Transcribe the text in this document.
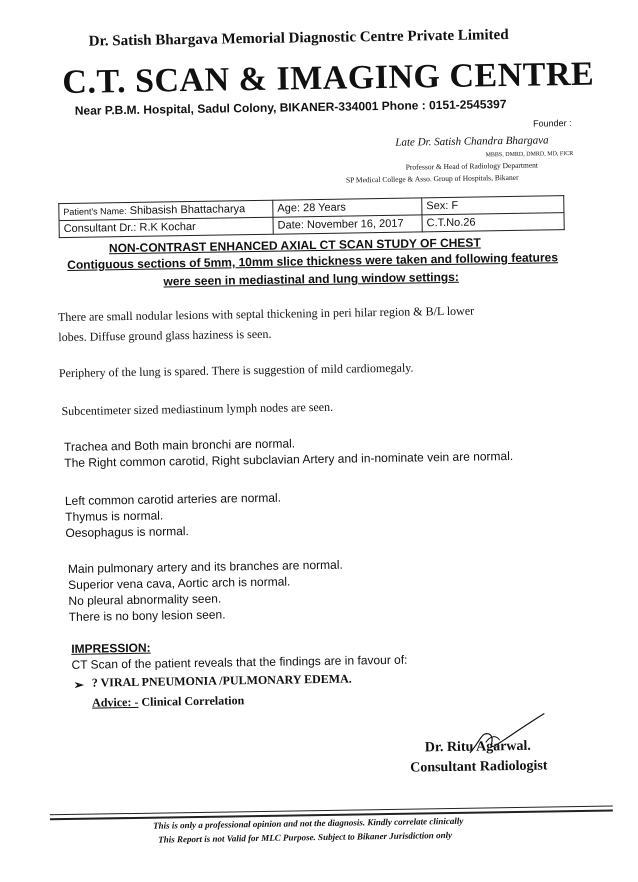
Dr. Satish Bhargava Memorial Diagnostic Centre Private Limited
C.T. SCAN & IMAGING CENTRE
Near P.B.M. Hospital, Sadul Colony, BIKANER-334001 Phone : 0151-2545397
Founder :
Late Dr. Satish Chandra Bhargava
MBBS, DMRD, DMRD, MD, FICR
Professor & Head of Radiology Department
SP Medical College & Asso. Group of Hospitals, Bikaner
Patient's Name: Shibasish Bhattacharya	Age: 28 Years	Sex: F
Consultant Dr.: R.K Kochar	Date: November 16, 2017	C.T.No.26
NON-CONTRAST ENHANCED AXIAL CT SCAN STUDY OF CHEST
Contiguous sections of 5mm, 10mm slice thickness were taken and following features
were seen in mediastinal and lung window settings:
There are small nodular lesions with septal thickening in peri hilar region & B/L lower
lobes. Diffuse ground glass haziness is seen.
Periphery of the lung is spared. There is suggestion of mild cardiomegaly.
Subcentimeter sized mediastinum lymph nodes are seen.
Trachea and Both main bronchi are normal.
The Right common carotid, Right subclavian Artery and in-nominate vein are normal.
Left common carotid arteries are normal.
Thymus is normal.
Oesophagus is normal.
Main pulmonary artery and its branches are normal.
Superior vena cava, Aortic arch is normal.
No pleural abnormality seen.
There is no bony lesion seen.
IMPRESSION:
CT Scan of the patient reveals that the findings are in favour of:
➢ ? VIRAL PNEUMONIA /PULMONARY EDEMA.
Advice: - Clinical Correlation
Dr. Ritu Agarwal.
Consultant Radiologist
This is only a professional opinion and not the diagnosis. Kindly correlate clinically
This Report is not Valid for MLC Purpose. Subject to Bikaner Jurisdiction only
